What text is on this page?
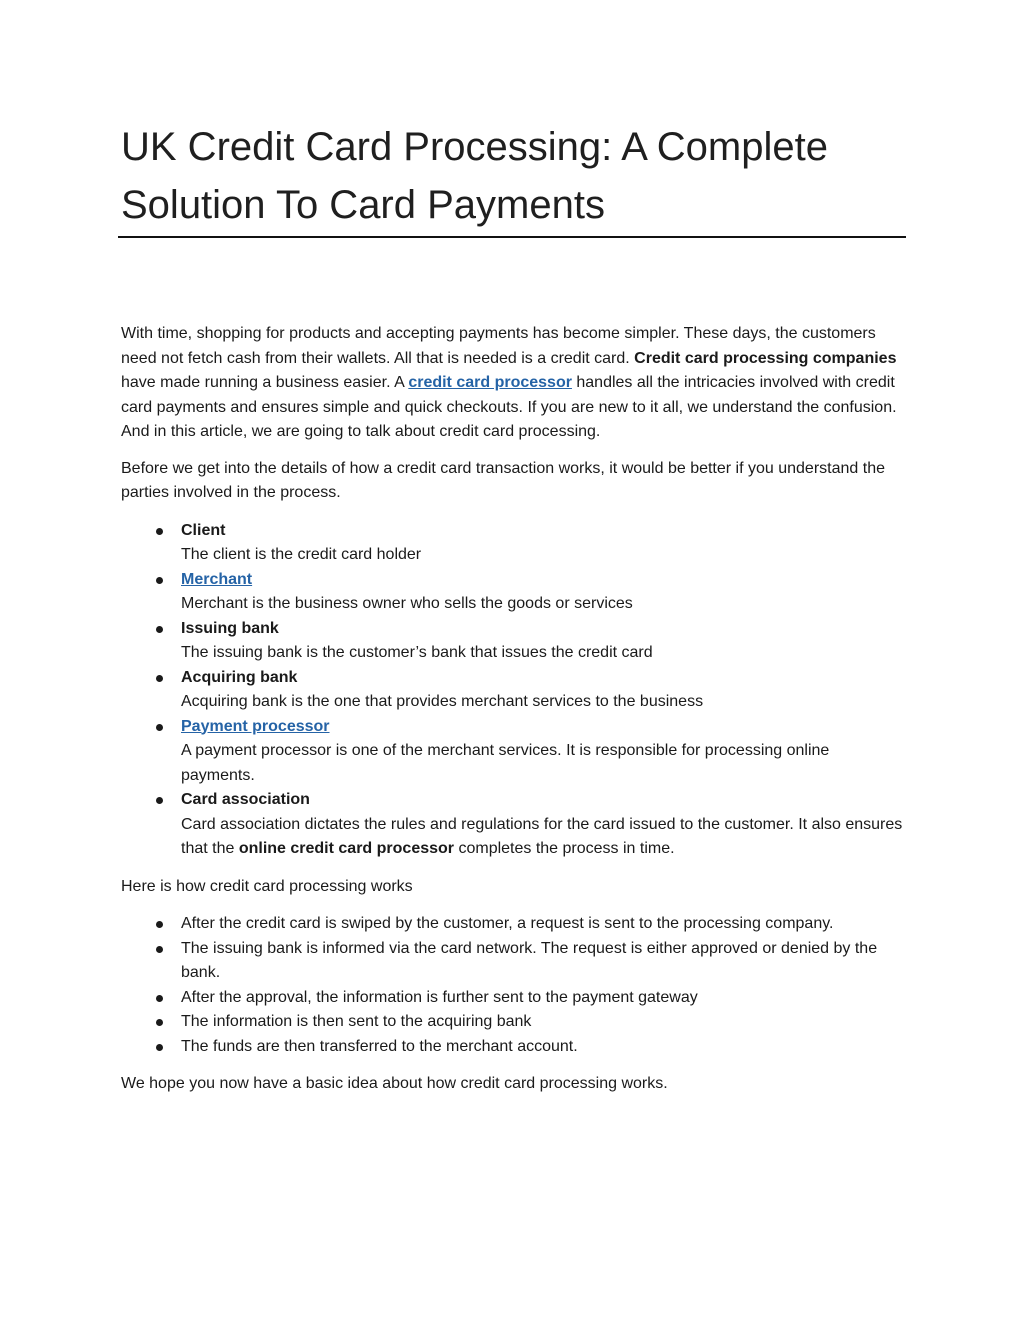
UK Credit Card Processing: A Complete
Solution To Card Payments

With time, shopping for products and accepting payments has become simpler. These days, the customers need not fetch cash from their wallets. All that is needed is a credit card. Credit card processing companies have made running a business easier. A credit card processor handles all the intricacies involved with credit card payments and ensures simple and quick checkouts. If you are new to it all, we understand the confusion. And in this article, we are going to talk about credit card processing.

Before we get into the details of how a credit card transaction works, it would be better if you understand the parties involved in the process.

Client
The client is the credit card holder
Merchant
Merchant is the business owner who sells the goods or services
Issuing bank
The issuing bank is the customer’s bank that issues the credit card
Acquiring bank
Acquiring bank is the one that provides merchant services to the business
Payment processor
A payment processor is one of the merchant services. It is responsible for processing online payments.
Card association
Card association dictates the rules and regulations for the card issued to the customer. It also ensures that the online credit card processor completes the process in time.

Here is how credit card processing works

After the credit card is swiped by the customer, a request is sent to the processing company.
The issuing bank is informed via the card network. The request is either approved or denied by the bank.
After the approval, the information is further sent to the payment gateway
The information is then sent to the acquiring bank
The funds are then transferred to the merchant account.

We hope you now have a basic idea about how credit card processing works.
